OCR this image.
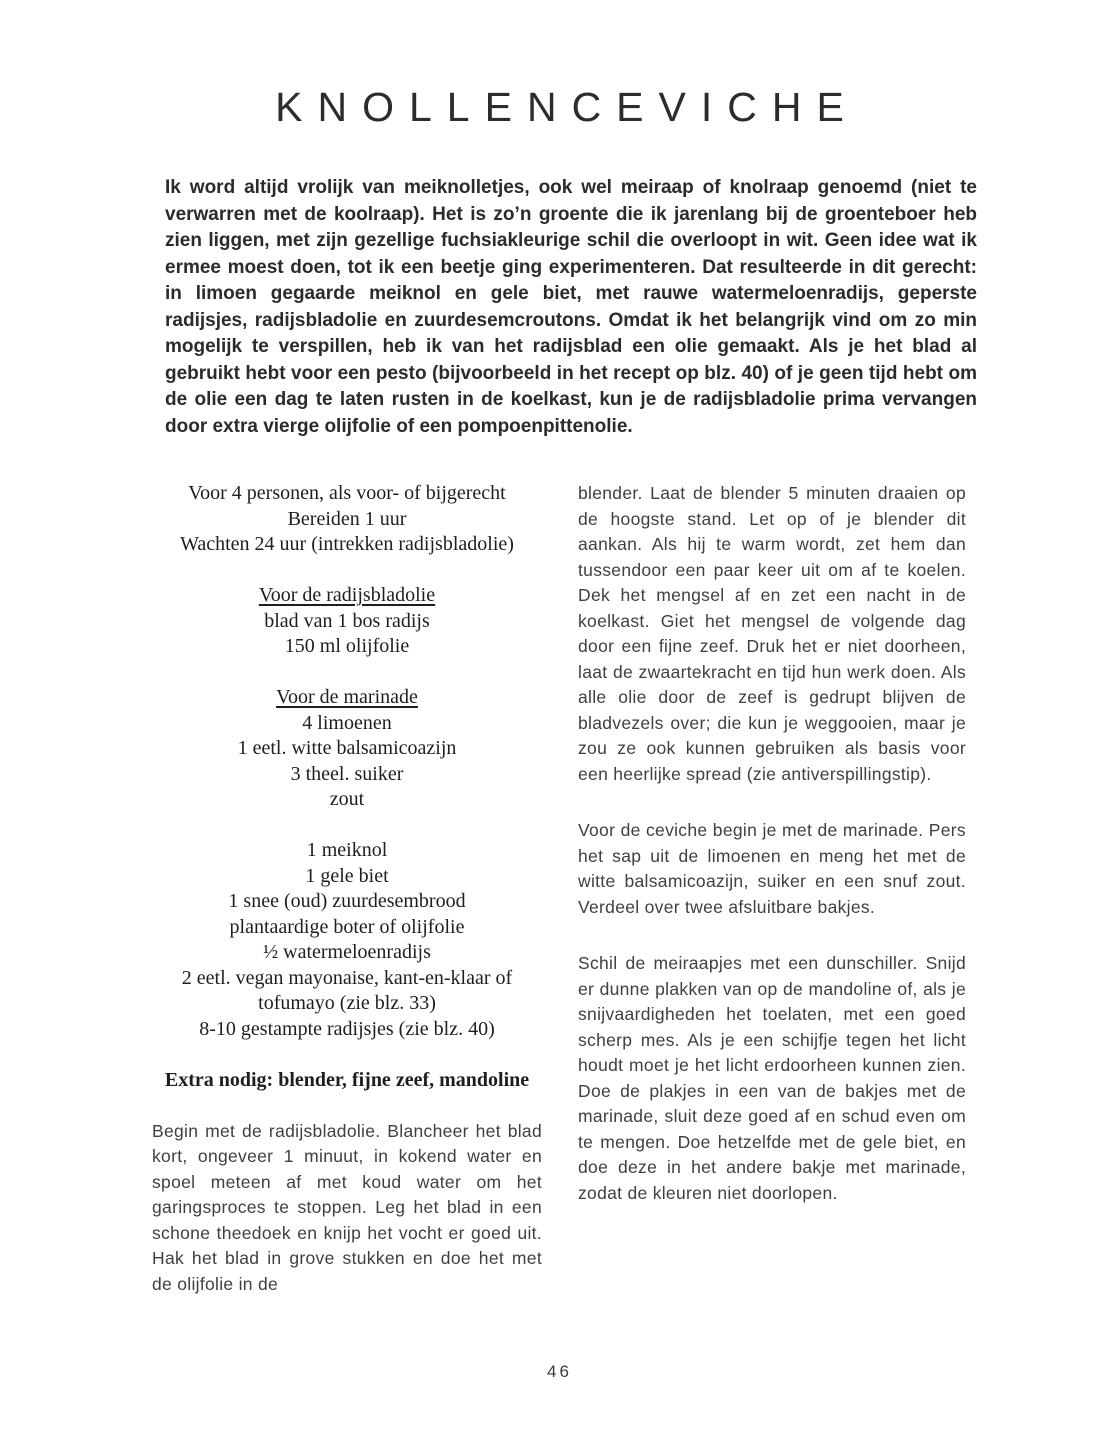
KNOLLENCEVICHE

Ik word altijd vrolijk van meiknolletjes, ook wel meiraap of knolraap genoemd (niet te verwarren met de koolraap). Het is zo’n groente die ik jarenlang bij de groenteboer heb zien liggen, met zijn gezellige fuchsiakleurige schil die overloopt in wit. Geen idee wat ik ermee moest doen, tot ik een beetje ging experimenteren. Dat resulteerde in dit gerecht: in limoen gegaarde meiknol en gele biet, met rauwe watermeloenradijs, geperste radijsjes, radijsbladolie en zuurdesemcroutons. Omdat ik het belangrijk vind om zo min mogelijk te verspillen, heb ik van het radijsblad een olie gemaakt. Als je het blad al gebruikt hebt voor een pesto (bijvoorbeeld in het recept op blz. 40) of je geen tijd hebt om de olie een dag te laten rusten in de koelkast, kun je de radijsbladolie prima vervangen door extra vierge olijfolie of een pompoenpittenolie.

Voor 4 personen, als voor- of bijgerecht
Bereiden 1 uur
Wachten 24 uur (intrekken radijsbladolie)
Voor de radijsbladolie
blad van 1 bos radijs
150 ml olijfolie
Voor de marinade
4 limoenen
1 eetl. witte balsamicoazijn
3 theel. suiker
zout
1 meiknol
1 gele biet
1 snee (oud) zuurdesembrood
plantaardige boter of olijfolie
½ watermeloenradijs
2 eetl. vegan mayonaise, kant-en-klaar of tofumayo (zie blz. 33)
8-10 gestampte radijsjes (zie blz. 40)
Extra nodig: blender, fijne zeef, mandoline

Begin met de radijsbladolie. Blancheer het blad kort, ongeveer 1 minuut, in kokend water en spoel meteen af met koud water om het garingsproces te stoppen. Leg het blad in een schone theedoek en knijp het vocht er goed uit. Hak het blad in grove stukken en doe het met de olijfolie in de

blender. Laat de blender 5 minuten draaien op de hoogste stand. Let op of je blender dit aankan. Als hij te warm wordt, zet hem dan tussendoor een paar keer uit om af te koelen. Dek het mengsel af en zet een nacht in de koelkast. Giet het mengsel de volgende dag door een fijne zeef. Druk het er niet doorheen, laat de zwaartekracht en tijd hun werk doen. Als alle olie door de zeef is gedrupt blijven de bladvezels over; die kun je weggooien, maar je zou ze ook kunnen gebruiken als basis voor een heerlijke spread (zie antiverspillingstip).

Voor de ceviche begin je met de marinade. Pers het sap uit de limoenen en meng het met de witte balsamicoazijn, suiker en een snuf zout. Verdeel over twee afsluitbare bakjes.

Schil de meiraapjes met een dunschiller. Snijd er dunne plakken van op de mandoline of, als je snijvaardigheden het toelaten, met een goed scherp mes. Als je een schijfje tegen het licht houdt moet je het licht erdoorheen kunnen zien. Doe de plakjes in een van de bakjes met de marinade, sluit deze goed af en schud even om te mengen. Doe hetzelfde met de gele biet, en doe deze in het andere bakje met marinade, zodat de kleuren niet doorlopen.

46
